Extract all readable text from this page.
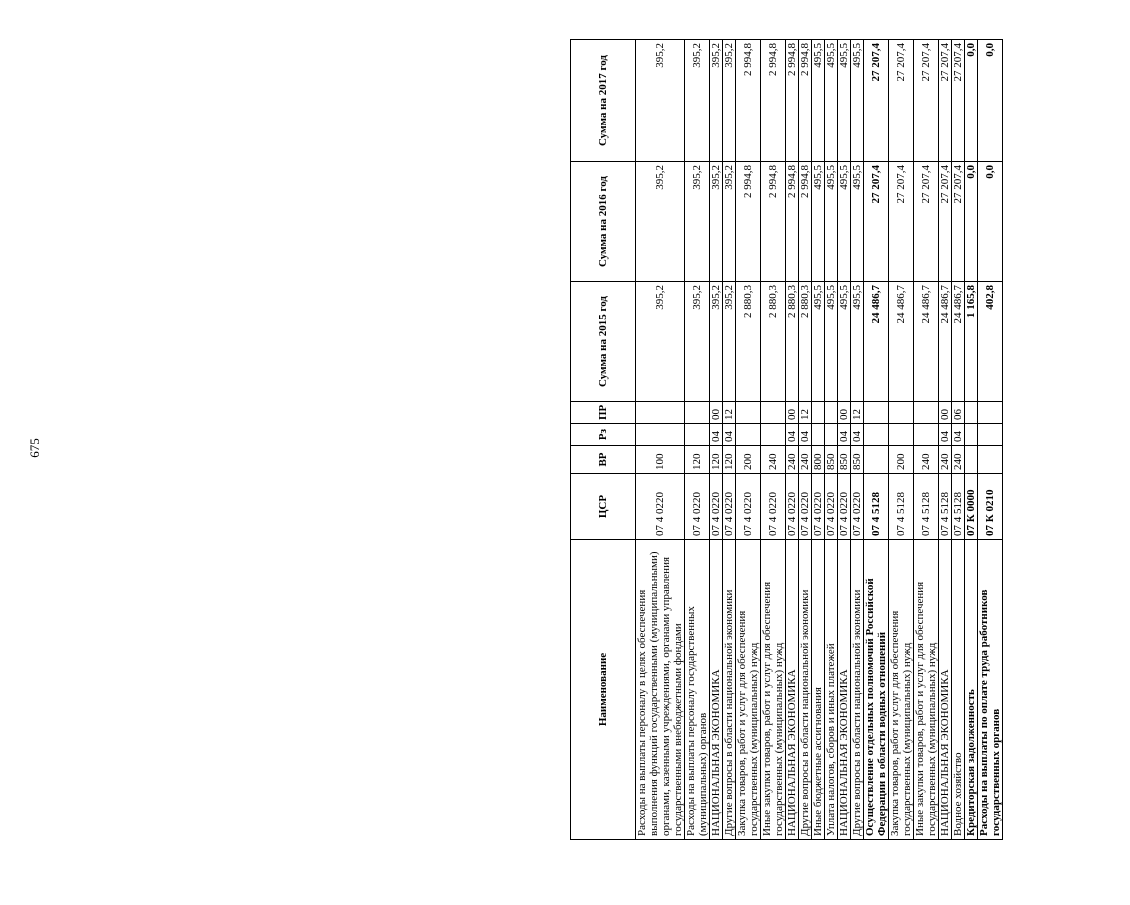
675
Наименование	ЦСР	ВР	Рз	ПР	Сумма на 2015 год	Сумма на 2016 год	Сумма на 2017 год
Расходы на выплаты персоналу в целях обеспечения выполнения функций государственными (муниципальными) органами, казенными учреждениями, органами управления государственными внебюджетными фондами	07 4 0220	100			395,2	395,2	395,2
Расходы на выплаты персоналу государственных (муниципальных) органов	07 4 0220	120			395,2	395,2	395,2
НАЦИОНАЛЬНАЯ ЭКОНОМИКА	07 4 0220	120	04	00	395,2	395,2	395,2
Другие вопросы в области национальной экономики	07 4 0220	120	04	12	395,2	395,2	395,2
Закупка товаров, работ и услуг для обеспечения государственных (муниципальных) нужд	07 4 0220	200			2 880,3	2 994,8	2 994,8
Иные закупки товаров, работ и услуг для обеспечения государственных (муниципальных) нужд	07 4 0220	240			2 880,3	2 994,8	2 994,8
НАЦИОНАЛЬНАЯ ЭКОНОМИКА	07 4 0220	240	04	00	2 880,3	2 994,8	2 994,8
Другие вопросы в области национальной экономики	07 4 0220	240	04	12	2 880,3	2 994,8	2 994,8
Иные бюджетные ассигнования	07 4 0220	800			495,5	495,5	495,5
Уплата налогов, сборов и иных платежей	07 4 0220	850			495,5	495,5	495,5
НАЦИОНАЛЬНАЯ ЭКОНОМИКА	07 4 0220	850	04	00	495,5	495,5	495,5
Другие вопросы в области национальной экономики	07 4 0220	850	04	12	495,5	495,5	495,5
Осуществление отдельных полномочий Российской Федерации в области водных отношений	07 4 5128				24 486,7	27 207,4	27 207,4
Закупка товаров, работ и услуг для обеспечения государственных (муниципальных) нужд	07 4 5128	200			24 486,7	27 207,4	27 207,4
Иные закупки товаров, работ и услуг для обеспечения государственных (муниципальных) нужд	07 4 5128	240			24 486,7	27 207,4	27 207,4
НАЦИОНАЛЬНАЯ ЭКОНОМИКА	07 4 5128	240	04	00	24 486,7	27 207,4	27 207,4
Водное хозяйство	07 4 5128	240	04	06	24 486,7	27 207,4	27 207,4
Кредиторская задолженность	07 К 0000				1 165,8	0,0	0,0
Расходы на выплаты по оплате труда работников государственных органов	07 К 0210				402,8	0,0	0,0
